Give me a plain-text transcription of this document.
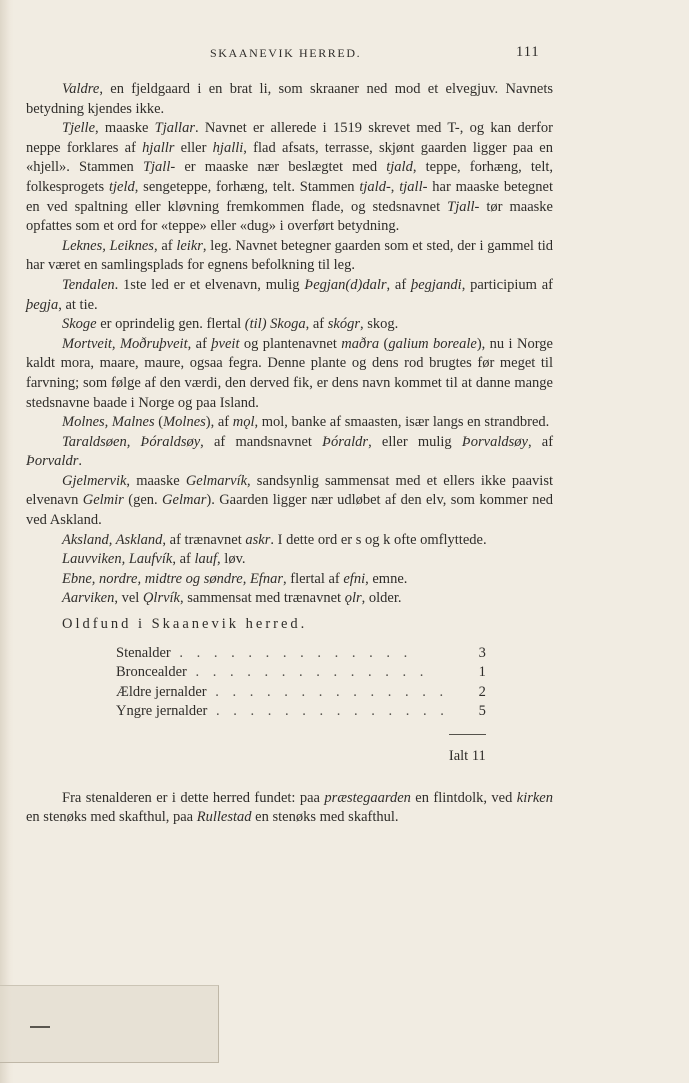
SKAANEVIK HERRED.	111

Valdre, en fjeldgaard i en brat li, som skraaner ned mod et elvegjuv. Navnets betydning kjendes ikke.

Tjelle, maaske Tjallar. Navnet er allerede i 1519 skrevet med T-, og kan derfor neppe forklares af hjallr eller hjalli, flad afsats, terrasse, skjønt gaarden ligger paa en «hjell». Stammen Tjall- er maaske nær beslægtet med tjald, teppe, forhæng, telt, folkesprogets tjeld, sengeteppe, forhæng, telt. Stammen tjald-, tjall- har maaske betegnet en ved spaltning eller kløvning fremkommen flade, og stedsnavnet Tjall- tør maaske opfattes som et ord for «teppe» eller «dug» i overført betydning.

Leknes, Leiknes, af leikr, leg. Navnet betegner gaarden som et sted, der i gammel tid har været en samlingsplads for egnens befolkning til leg.

Tendalen. 1ste led er et elvenavn, mulig Þegjan(d)dalr, af þegjandi, participium af þegja, at tie.

Skoge er oprindelig gen. flertal (til) Skoga, af skógr, skog.

Mortveit, Moðruþveit, af þveit og plantenavnet maðra (galium boreale), nu i Norge kaldt mora, maare, maure, ogsaa fegra. Denne plante og dens rod brugtes før meget til farvning; som følge af den værdi, den derved fik, er dens navn kommet til at danne mange stedsnavne baade i Norge og paa Island.

Molnes, Malnes (Molnes), af mǫl, mol, banke af smaasten, især langs en strandbred.

Taraldsøen, Þóraldsøy, af mandsnavnet Þóraldr, eller mulig Þorvaldsøy, af Þorvaldr.

Gjelmervik, maaske Gelmarvík, sandsynlig sammensat med et ellers ikke paavist elvenavn Gelmir (gen. Gelmar). Gaarden ligger nær udløbet af den elv, som kommer ned ved Askland.

Aksland, Askland, af trænavnet askr. I dette ord er s og k ofte omflyttede.

Lauvviken, Laufvík, af lauf, løv.

Ebne, nordre, midtre og søndre, Efnar, flertal af efni, emne.

Aarviken, vel Ǫlrvík, sammensat med trænavnet ǫlr, older.

Oldfund i Skaanevik herred.

Stenalder . . . . . . . . . . . . . .	3
Broncealder . . . . . . . . . . . . . .	1
Ældre jernalder . . . . . . . . . . . . . .	2
Yngre jernalder . . . . . . . . . . . . . .	5

	Ialt 11

Fra stenalderen er i dette herred fundet: paa præstegaarden en flintdolk, ved kirken en stenøks med skafthul, paa Rullestad en stenøks med skafthul.
